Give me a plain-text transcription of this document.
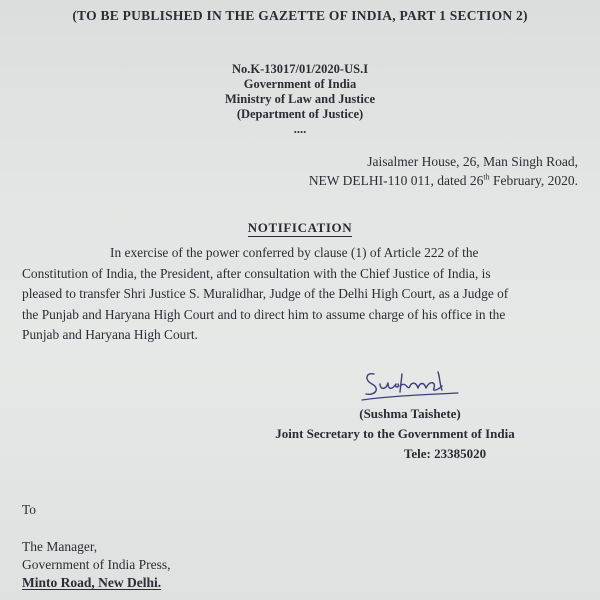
(TO BE PUBLISHED IN THE GAZETTE OF INDIA, PART 1 SECTION 2)
No.K-13017/01/2020-US.I
Government of India
Ministry of Law and Justice
(Department of Justice)
....
Jaisalmer House, 26, Man Singh Road,
NEW DELHI-110 011, dated 26th February, 2020.
NOTIFICATION
In exercise of the power conferred by clause (1) of Article 222 of the
Constitution of India, the President, after consultation with the Chief Justice of India, is
pleased to transfer Shri Justice S. Muralidhar, Judge of the Delhi High Court, as a Judge of
the Punjab and Haryana High Court and to direct him to assume charge of his office in the
Punjab and Haryana High Court.
(Sushma Taishete)
Joint Secretary to the Government of India
Tele: 23385020
To
The Manager,
Government of India Press,
Minto Road, New Delhi.
